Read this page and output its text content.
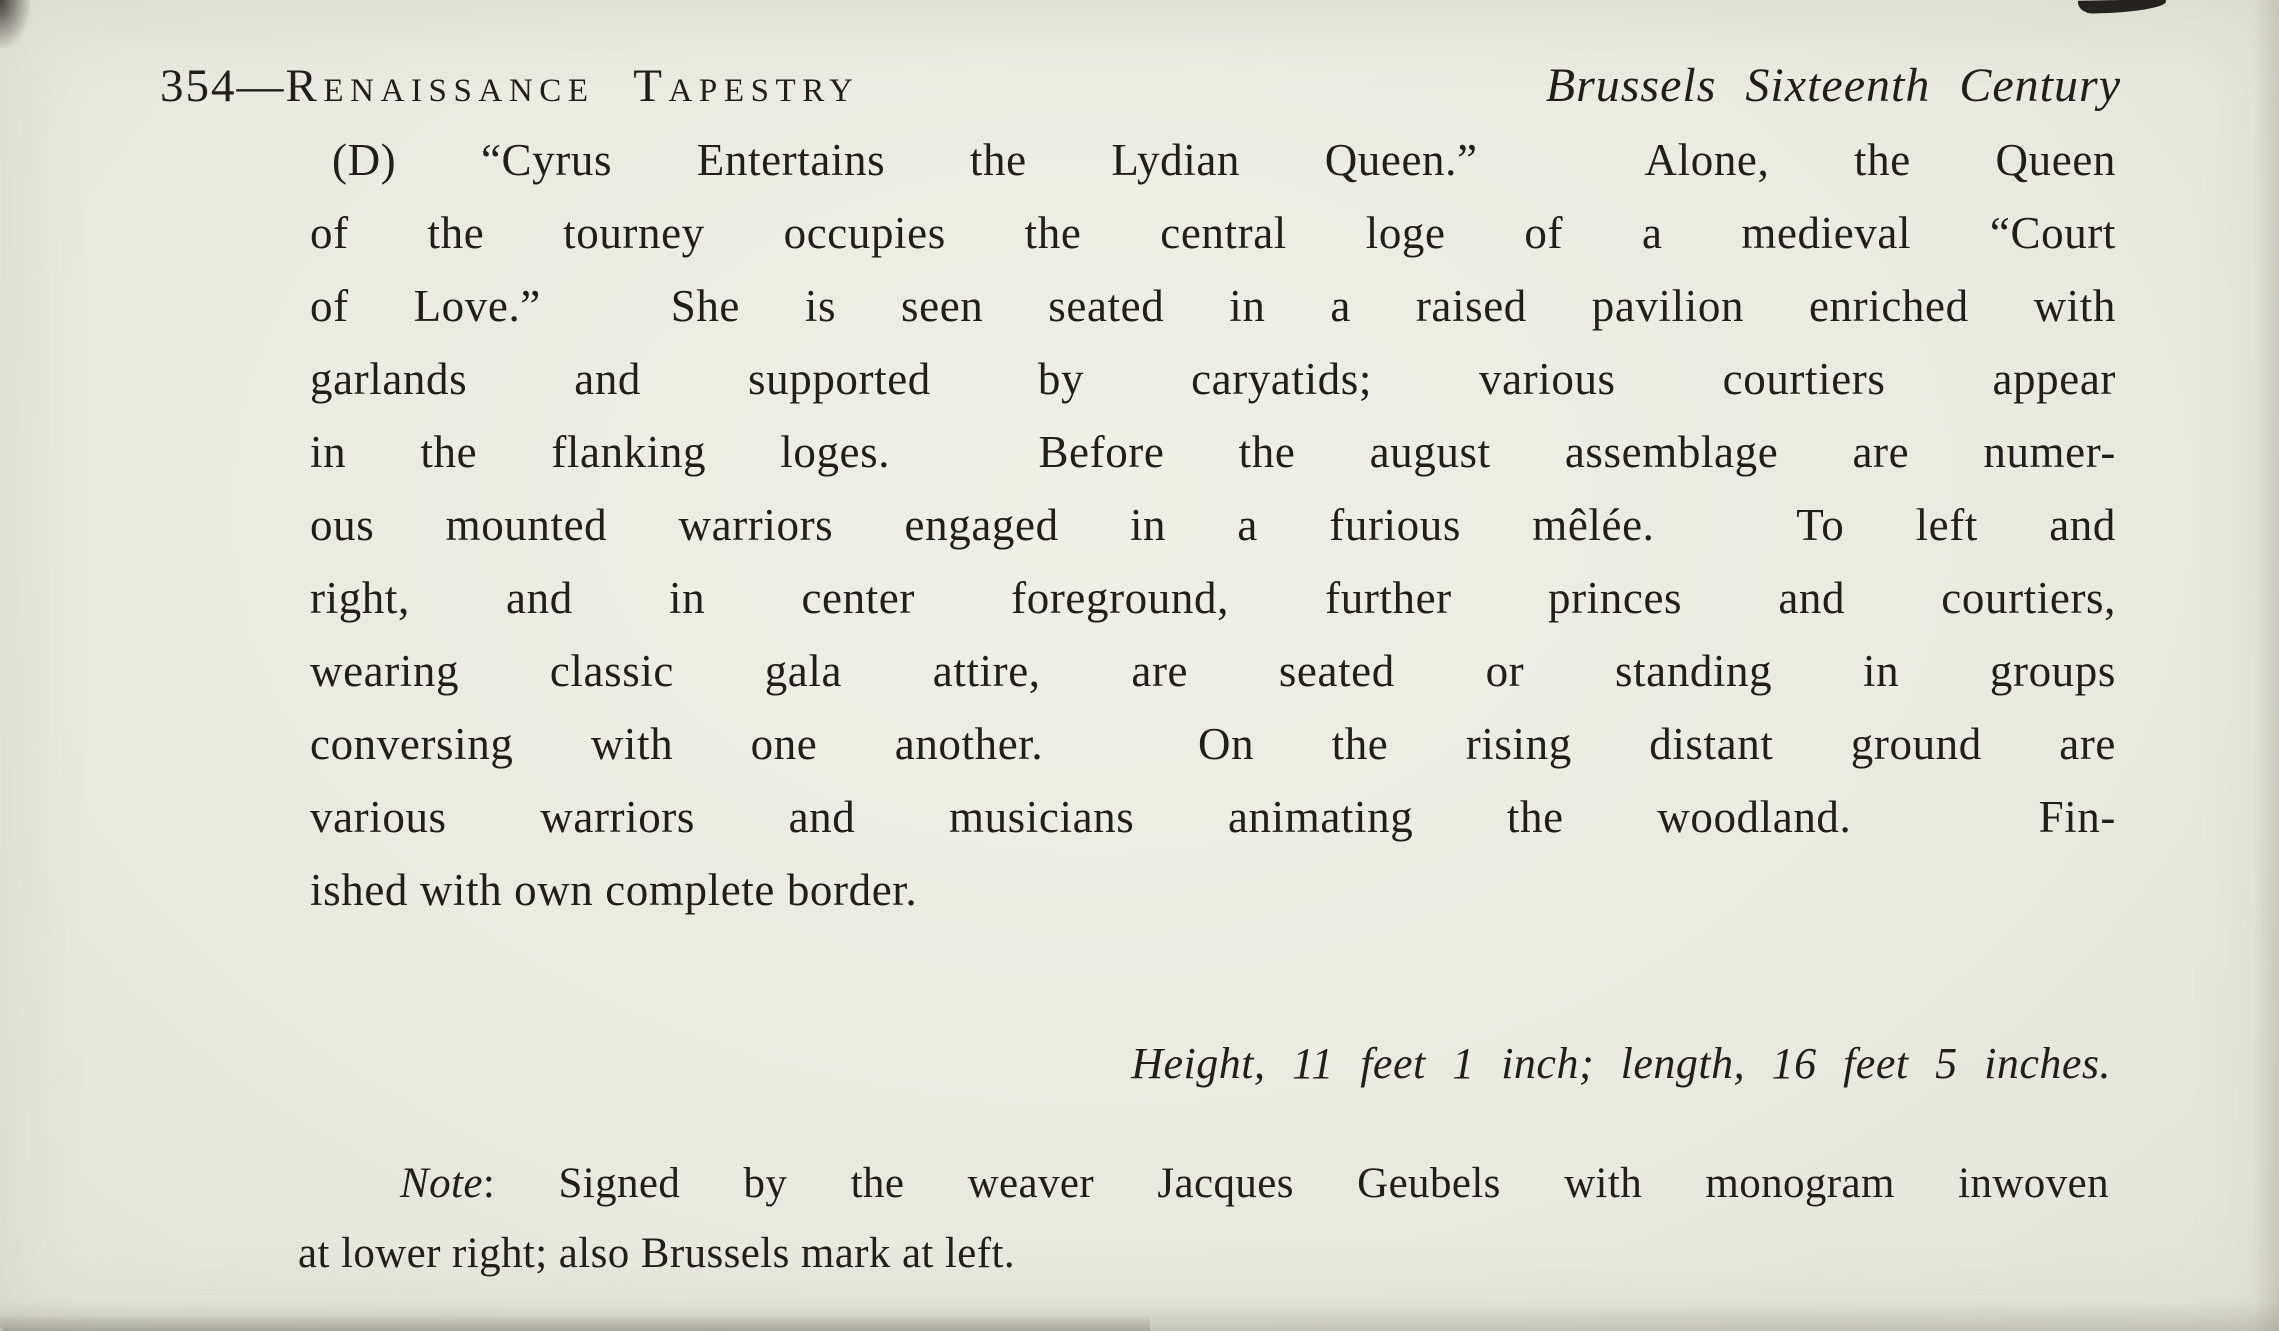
354—Renaissance Tapestry	Brussels Sixteenth Century
(D) “Cyrus Entertains the Lydian Queen.”  Alone, the Queen
of the tourney occupies the central loge of a medieval “Court
of Love.”  She is seen seated in a raised pavilion enriched with
garlands and supported by caryatids; various courtiers appear
in the flanking loges.  Before the august assemblage are numer-
ous mounted warriors engaged in a furious mêlée.  To left and
right, and in center foreground, further princes and courtiers,
wearing classic gala attire, are seated or standing in groups
conversing with one another.  On the rising distant ground are
various warriors and musicians animating the woodland.  Fin-
ished with own complete border.
Height, 11 feet 1 inch; length, 16 feet 5 inches.
Note: Signed by the weaver Jacques Geubels with monogram inwoven
at lower right; also Brussels mark at left.
